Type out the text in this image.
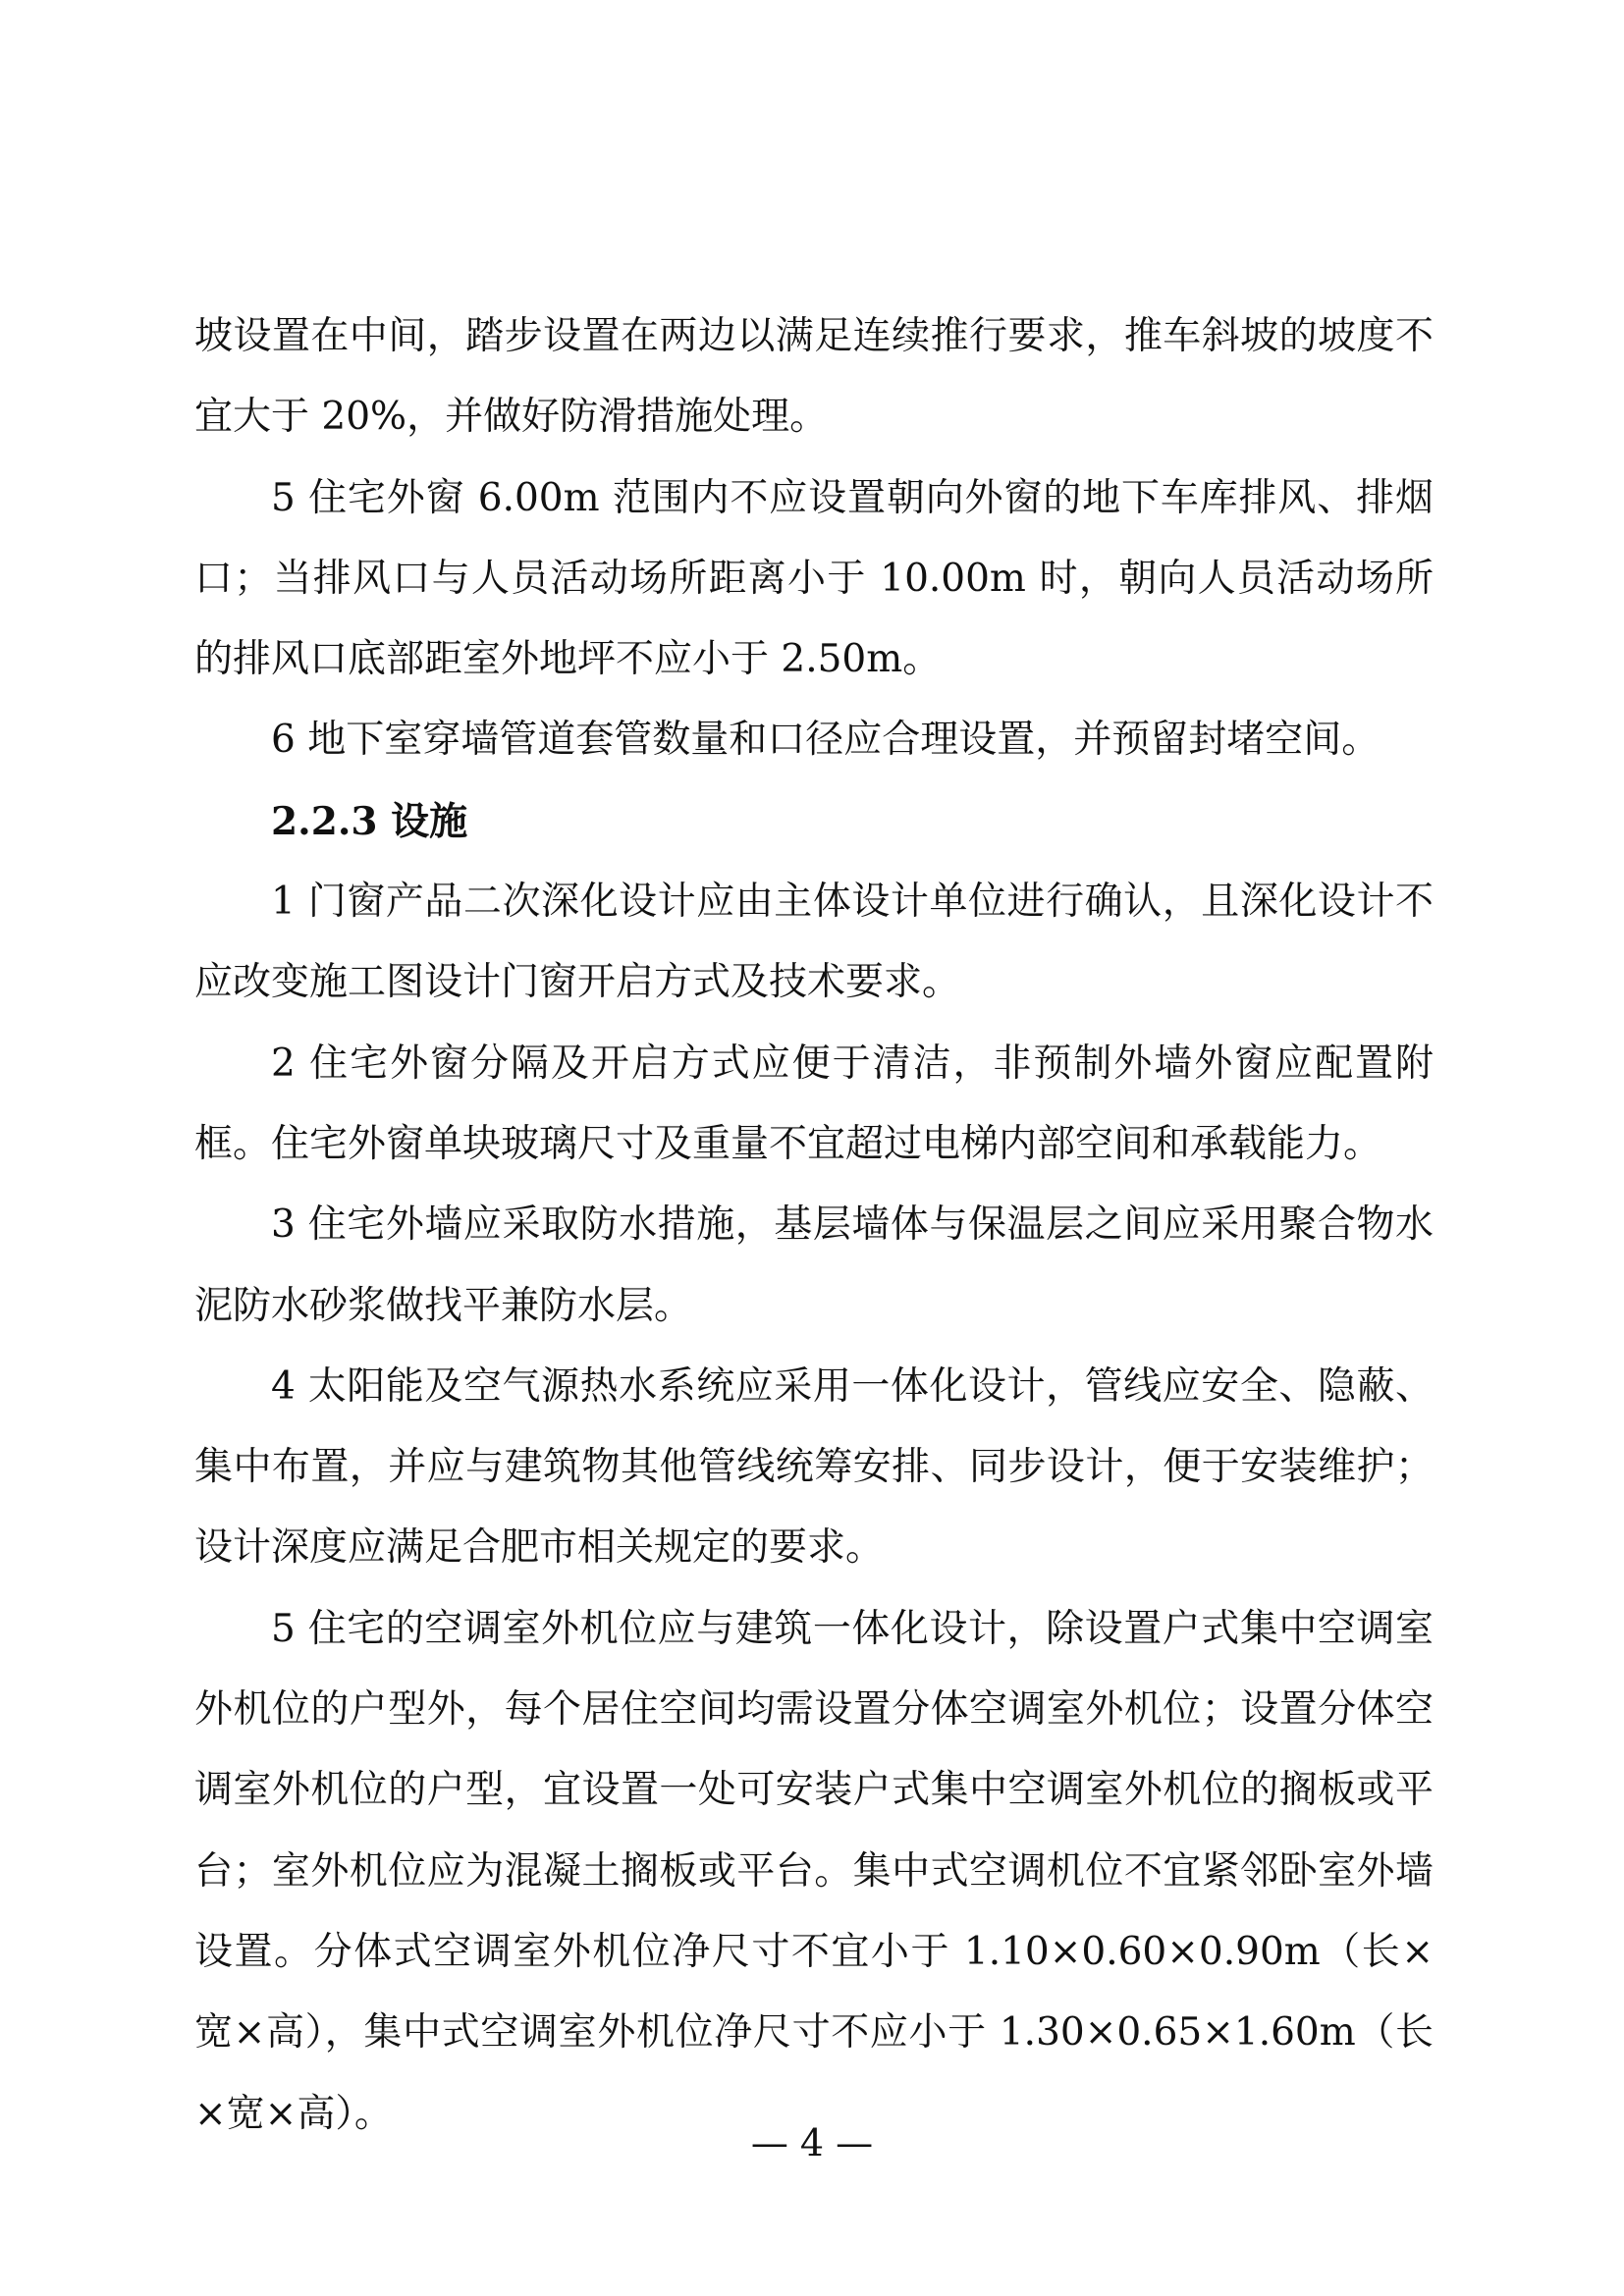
坡设置在中间，踏步设置在两边以满足连续推行要求，推车斜坡的坡度不宜大于 20%，并做好防滑措施处理。

5 住宅外窗 6.00m 范围内不应设置朝向外窗的地下车库排风、排烟口；当排风口与人员活动场所距离小于 10.00m 时，朝向人员活动场所的排风口底部距室外地坪不应小于 2.50m。

6 地下室穿墙管道套管数量和口径应合理设置，并预留封堵空间。

2.2.3 设施

1 门窗产品二次深化设计应由主体设计单位进行确认，且深化设计不应改变施工图设计门窗开启方式及技术要求。

2 住宅外窗分隔及开启方式应便于清洁，非预制外墙外窗应配置附框。住宅外窗单块玻璃尺寸及重量不宜超过电梯内部空间和承载能力。

3 住宅外墙应采取防水措施，基层墙体与保温层之间应采用聚合物水泥防水砂浆做找平兼防水层。

4 太阳能及空气源热水系统应采用一体化设计，管线应安全、隐蔽、集中布置，并应与建筑物其他管线统筹安排、同步设计，便于安装维护；设计深度应满足合肥市相关规定的要求。

5 住宅的空调室外机位应与建筑一体化设计，除设置户式集中空调室外机位的户型外，每个居住空间均需设置分体空调室外机位；设置分体空调室外机位的户型，宜设置一处可安装户式集中空调室外机位的搁板或平台；室外机位应为混凝土搁板或平台。集中式空调机位不宜紧邻卧室外墙设置。分体式空调室外机位净尺寸不宜小于 1.10×0.60×0.90m（长×宽×高），集中式空调室外机位净尺寸不应小于 1.30×0.65×1.60m（长×宽×高）。

— 4 —
